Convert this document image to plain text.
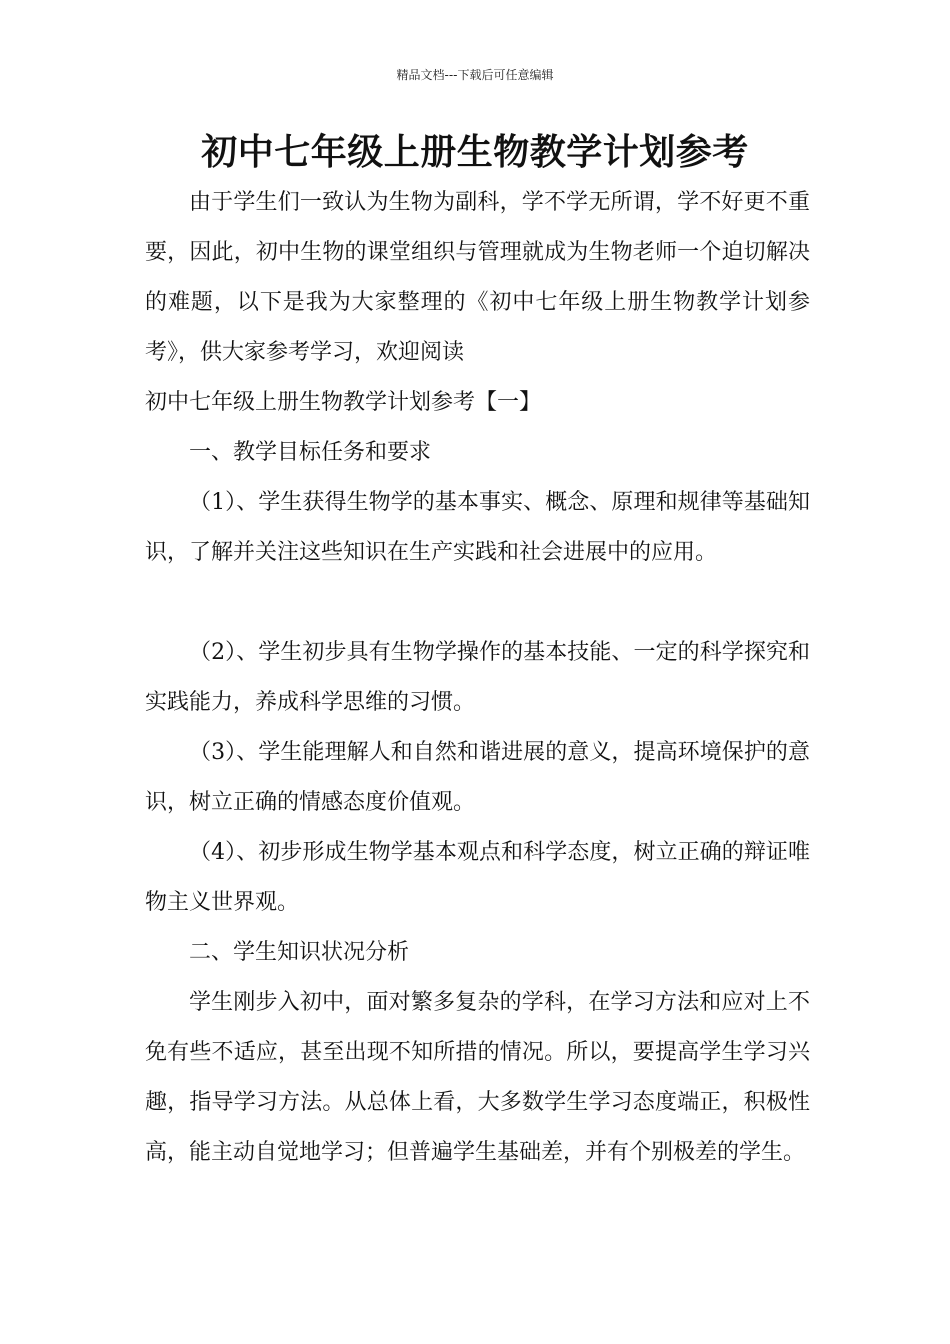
精品文档---下载后可任意编辑
初中七年级上册生物教学计划参考

由于学生们一致认为生物为副科，学不学无所谓，学不好更不重要，因此，初中生物的课堂组织与管理就成为生物老师一个迫切解决的难题，以下是我为大家整理的《初中七年级上册生物教学计划参考》，供大家参考学习，欢迎阅读

初中七年级上册生物教学计划参考【一】

一、教学目标任务和要求

（1）、学生获得生物学的基本事实、概念、原理和规律等基础知识，了解并关注这些知识在生产实践和社会进展中的应用。

（2）、学生初步具有生物学操作的基本技能、一定的科学探究和实践能力，养成科学思维的习惯。

（3）、学生能理解人和自然和谐进展的意义，提高环境保护的意识，树立正确的情感态度价值观。

（4）、初步形成生物学基本观点和科学态度，树立正确的辩证唯物主义世界观。

二、学生知识状况分析

学生刚步入初中，面对繁多复杂的学科，在学习方法和应对上不免有些不适应，甚至出现不知所措的情况。所以，要提高学生学习兴趣，指导学习方法。从总体上看，大多数学生学习态度端正，积极性高，能主动自觉地学习；但普遍学生基础差，并有个别极差的学生。
